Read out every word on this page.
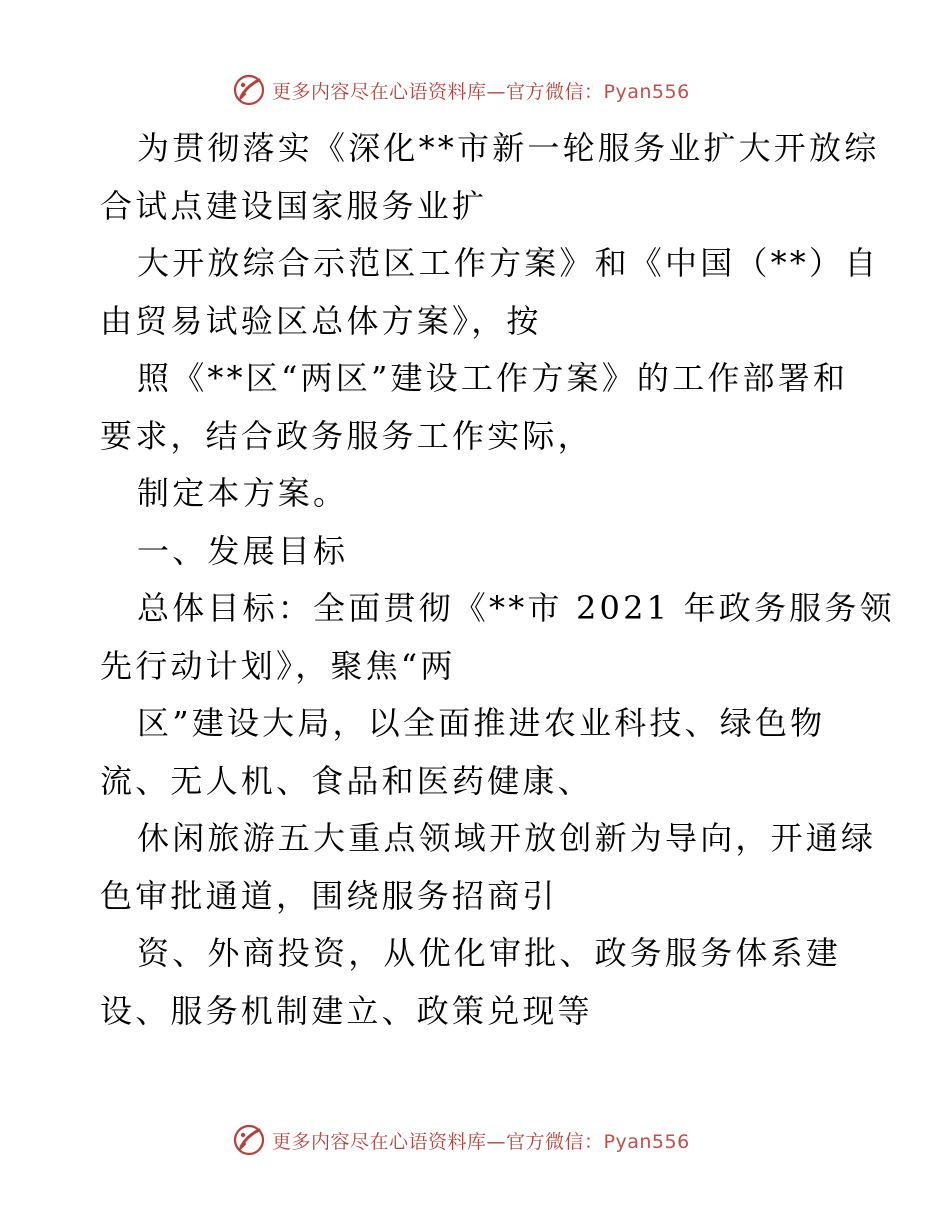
更多内容尽在心语资料库—官方微信：Pyan556
为贯彻落实《深化**市新一轮服务业扩大开放综
合试点建设国家服务业扩
大开放综合示范区工作方案》和《中国（**）自
由贸易试验区总体方案》，按
照《**区“两区”建设工作方案》的工作部署和
要求，结合政务服务工作实际，
制定本方案。
一、发展目标
总体目标：全面贯彻《**市 2021 年政务服务领
先行动计划》，聚焦“两
区”建设大局，以全面推进农业科技、绿色物
流、无人机、食品和医药健康、
休闲旅游五大重点领域开放创新为导向，开通绿
色审批通道，围绕服务招商引
资、外商投资，从优化审批、政务服务体系建
设、服务机制建立、政策兑现等
更多内容尽在心语资料库—官方微信：Pyan556
